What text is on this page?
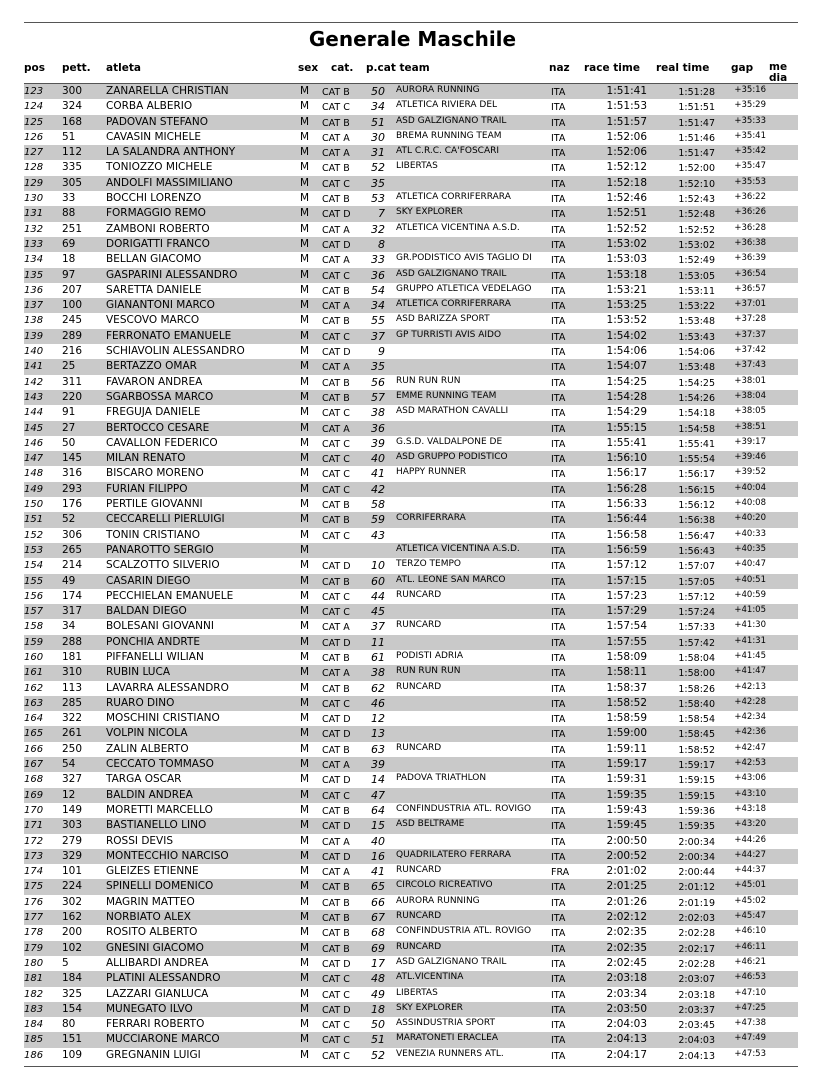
Generale Maschile
pos pett. atleta	sex cat. p.cat team	naz race time real time gap media
123 300	ZANARELLA CHRISTIAN	M CAT B	50 AURORA RUNNING	ITA	1:51:41	1:51:28	+35:16
124 324	CORBA ALBERIO	M CAT C	34 ATLETICA RIVIERA DEL	ITA	1:51:53	1:51:51	+35:29
125 168	PADOVAN STEFANO	M CAT B	51 ASD GALZIGNANO TRAIL	ITA	1:51:57	1:51:47	+35:33
126 51	CAVASIN MICHELE	M CAT A	30 BREMA RUNNING TEAM	ITA	1:52:06	1:51:46	+35:41
127 112	LA SALANDRA ANTHONY	M CAT A	31 ATL C.R.C. CA'FOSCARI	ITA	1:52:06	1:51:47	+35:42
128 335	TONIOZZO MICHELE	M CAT B	52 LIBERTAS	ITA	1:52:12	1:52:00	+35:47
129 305	ANDOLFI MASSIMILIANO	M CAT C	35	ITA	1:52:18	1:52:10	+35:53
130 33	BOCCHI LORENZO	M CAT B	53 ATLETICA CORRIFERRARA	ITA	1:52:46	1:52:43	+36:22
131 88	FORMAGGIO REMO	M CAT D	7 SKY EXPLORER	ITA	1:52:51	1:52:48	+36:26
132 251	ZAMBONI ROBERTO	M CAT A	32 ATLETICA VICENTINA A.S.D.	ITA	1:52:52	1:52:52	+36:28
133 69	DORIGATTI FRANCO	M CAT D	8	ITA	1:53:02	1:53:02	+36:38
134 18	BELLAN GIACOMO	M CAT A	33 GR.PODISTICO AVIS TAGLIO DI ITA	1:53:03	1:52:49	+36:39
135 97	GASPARINI ALESSANDRO	M CAT C	36 ASD GALZIGNANO TRAIL	ITA	1:53:18	1:53:05	+36:54
136 207	SARETTA DANIELE	M CAT B	54 GRUPPO ATLETICA VEDELAGO ITA	1:53:21	1:53:11	+36:57
137 100	GIANANTONI MARCO	M CAT A	34 ATLETICA CORRIFERRARA	ITA	1:53:25	1:53:22	+37:01
138 245	VESCOVO MARCO	M CAT B	55 ASD BARIZZA SPORT	ITA	1:53:52	1:53:48	+37:28
139 289	FERRONATO EMANUELE	M CAT C	37 GP TURRISTI AVIS AIDO	ITA	1:54:02	1:53:43	+37:37
140 216	SCHIAVOLIN ALESSANDRO	M CAT D	9	ITA	1:54:06	1:54:06	+37:42
141 25	BERTAZZO OMAR	M CAT A	35	ITA	1:54:07	1:53:48	+37:43
142 311	FAVARON ANDREA	M CAT B	56 RUN RUN RUN	ITA	1:54:25	1:54:25	+38:01
143 220	SGARBOSSA MARCO	M CAT B	57 EMME RUNNING TEAM	ITA	1:54:28	1:54:26	+38:04
144 91	FREGUJA DANIELE	M CAT C	38 ASD MARATHON CAVALLI	ITA	1:54:29	1:54:18	+38:05
145 27	BERTOCCO CESARE	M CAT A	36	ITA	1:55:15	1:54:58	+38:51
146 50	CAVALLON FEDERICO	M CAT C	39 G.S.D. VALDALPONE DE	ITA	1:55:41	1:55:41	+39:17
147 145	MILAN RENATO	M CAT C	40 ASD GRUPPO PODISTICO	ITA	1:56:10	1:55:54	+39:46
148 316	BISCARO MORENO	M CAT C	41 HAPPY RUNNER	ITA	1:56:17	1:56:17	+39:52
149 293	FURIAN FILIPPO	M CAT C	42	ITA	1:56:28	1:56:15	+40:04
150 176	PERTILE GIOVANNI	M CAT B	58	ITA	1:56:33	1:56:12	+40:08
151 52	CECCARELLI PIERLUIGI	M CAT B	59 CORRIFERRARA	ITA	1:56:44	1:56:38	+40:20
152 306	TONIN CRISTIANO	M CAT C	43	ITA	1:56:58	1:56:47	+40:33
153 265	PANAROTTO SERGIO	M	ATLETICA VICENTINA A.S.D.	ITA	1:56:59	1:56:43	+40:35
154 214	SCALZOTTO SILVERIO	M CAT D	10 TERZO TEMPO	ITA	1:57:12	1:57:07	+40:47
155 49	CASARIN DIEGO	M CAT B	60 ATL. LEONE SAN MARCO	ITA	1:57:15	1:57:05	+40:51
156 174	PECCHIELAN EMANUELE	M CAT C	44 RUNCARD	ITA	1:57:23	1:57:12	+40:59
157 317	BALDAN DIEGO	M CAT C	45	ITA	1:57:29	1:57:24	+41:05
158 34	BOLESANI GIOVANNI	M CAT A	37 RUNCARD	ITA	1:57:54	1:57:33	+41:30
159 288	PONCHIA ANDRTE	M CAT D	11	ITA	1:57:55	1:57:42	+41:31
160 181	PIFFANELLI WILIAN	M CAT B	61 PODISTI ADRIA	ITA	1:58:09	1:58:04	+41:45
161 310	RUBIN LUCA	M CAT A	38 RUN RUN RUN	ITA	1:58:11	1:58:00	+41:47
162 113	LAVARRA ALESSANDRO	M CAT B	62 RUNCARD	ITA	1:58:37	1:58:26	+42:13
163 285	RUARO DINO	M CAT C	46	ITA	1:58:52	1:58:40	+42:28
164 322	MOSCHINI CRISTIANO	M CAT D	12	ITA	1:58:59	1:58:54	+42:34
165 261	VOLPIN NICOLA	M CAT D	13	ITA	1:59:00	1:58:45	+42:36
166 250	ZALIN ALBERTO	M CAT B	63 RUNCARD	ITA	1:59:11	1:58:52	+42:47
167 54	CECCATO TOMMASO	M CAT A	39	ITA	1:59:17	1:59:17	+42:53
168 327	TARGA OSCAR	M CAT D	14 PADOVA TRIATHLON	ITA	1:59:31	1:59:15	+43:06
169 12	BALDIN ANDREA	M CAT C	47	ITA	1:59:35	1:59:15	+43:10
170 149	MORETTI MARCELLO	M CAT B	64 CONFINDUSTRIA ATL. ROVIGO ITA	1:59:43	1:59:36	+43:18
171 303	BASTIANELLO LINO	M CAT D	15 ASD BELTRAME	ITA	1:59:45	1:59:35	+43:20
172 279	ROSSI DEVIS	M CAT A	40	ITA	2:00:50	2:00:34	+44:26
173 329	MONTECCHIO NARCISO	M CAT D	16 QUADRILATERO FERRARA	ITA	2:00:52	2:00:34	+44:27
174 101	GLEIZES ETIENNE	M CAT A	41 RUNCARD	FRA	2:01:02	2:00:44	+44:37
175 224	SPINELLI DOMENICO	M CAT B	65 CIRCOLO RICREATIVO	ITA	2:01:25	2:01:12	+45:01
176 302	MAGRIN MATTEO	M CAT B	66 AURORA RUNNING	ITA	2:01:26	2:01:19	+45:02
177 162	NORBIATO ALEX	M CAT B	67 RUNCARD	ITA	2:02:12	2:02:03	+45:47
178 200	ROSITO ALBERTO	M CAT B	68 CONFINDUSTRIA ATL. ROVIGO ITA	2:02:35	2:02:28	+46:10
179 102	GNESINI GIACOMO	M CAT B	69 RUNCARD	ITA	2:02:35	2:02:17	+46:11
180 5	ALLIBARDI ANDREA	M CAT D	17 ASD GALZIGNANO TRAIL	ITA	2:02:45	2:02:28	+46:21
181 184	PLATINI ALESSANDRO	M CAT C	48 ATL.VICENTINA	ITA	2:03:18	2:03:07	+46:53
182 325	LAZZARI GIANLUCA	M CAT C	49 LIBERTAS	ITA	2:03:34	2:03:18	+47:10
183 154	MUNEGATO ILVO	M CAT D	18 SKY EXPLORER	ITA	2:03:50	2:03:37	+47:25
184 80	FERRARI ROBERTO	M CAT C	50 ASSINDUSTRIA SPORT	ITA	2:04:03	2:03:45	+47:38
185 151	MUCCIARONE MARCO	M CAT C	51 MARATONETI ERACLEA	ITA	2:04:13	2:04:03	+47:49
186 109	GREGNANIN LUIGI	M CAT C	52 VENEZIA RUNNERS ATL.	ITA	2:04:17	2:04:13	+47:53
